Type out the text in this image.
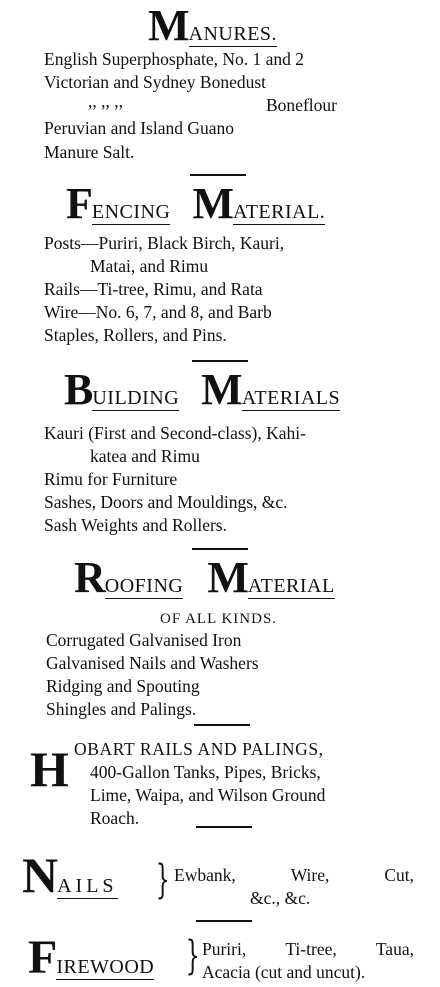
MANURES.
English Superphosphate, No. 1 and 2
Victorian and Sydney Bonedust
,, ,, ,,	Boneflour
Peruvian and Island Guano
Manure Salt.
FENCING MATERIAL.
Posts—Puriri, Black Birch, Kauri,
Matai, and Rimu
Rails—Ti-tree, Rimu, and Rata
Wire—No. 6, 7, and 8, and Barb
Staples, Rollers, and Pins.
BUILDING MATERIALS
Kauri (First and Second-class), Kahi-
katea and Rimu
Rimu for Furniture
Sashes, Doors and Mouldings, &c.
Sash Weights and Rollers.
ROOFING MATERIAL
OF ALL KINDS.
Corrugated Galvanised Iron
Galvanised Nails and Washers
Ridging and Spouting
Shingles and Palings.
H OBART RAILS AND PALINGS,
400-Gallon Tanks, Pipes, Bricks,
Lime, Waipa, and Wilson Ground
Roach.
NAILS } Ewbank,	Wire,	Cut,
&c., &c.
FIREWOOD } Puriri, Ti-tree, Taua,
Acacia (cut and uncut).
